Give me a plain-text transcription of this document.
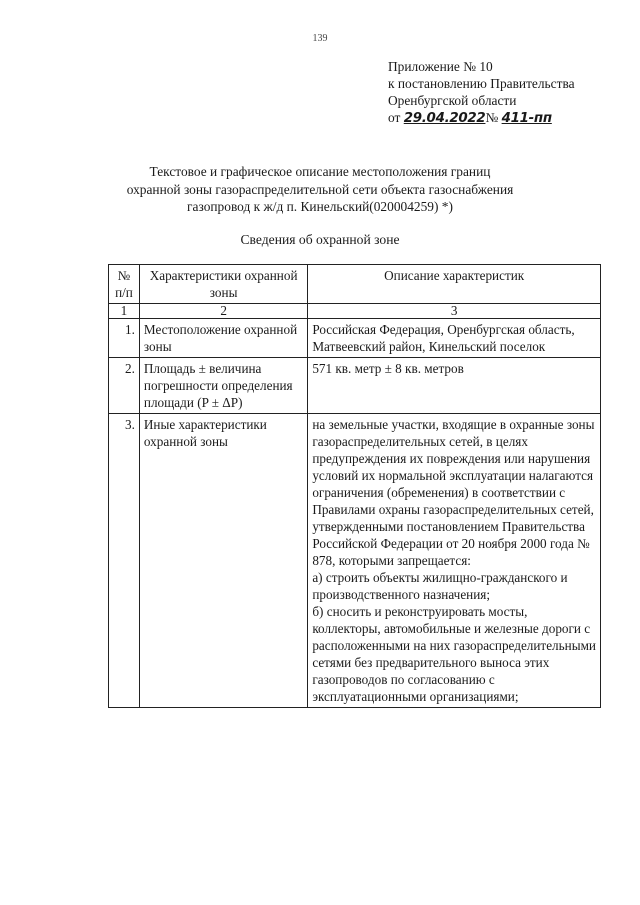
139
Приложение № 10
к постановлению Правительства
Оренбургской области
от 29.04.2022№ 411-пп
Текстовое и графическое описание местоположения границ
охранной зоны газораспределительной сети объекта газоснабжения
газопровод к ж/д п. Кинельский(020004259) *)
Сведения об охранной зоне
№ п/п	Характеристики охранной зоны	Описание характеристик
1	2	3
1.	Местоположение охранной зоны	Российская Федерация, Оренбургская область, Матвеевский район, Кинельский поселок
2.	Площадь ± величина погрешности определения площади (P ± ΔP)	571 кв. метр ± 8 кв. метров
3.	Иные характеристики охранной зоны	на земельные участки, входящие в охранные зоны газораспределительных сетей, в целях предупреждения их повреждения или нарушения условий их нормальной эксплуатации налагаются ограничения (обременения) в соответствии с Правилами охраны газораспределительных сетей, утвержденными постановлением Правительства Российской Федерации от 20 ноября 2000 года № 878, которыми запрещается:
а) строить объекты жилищно-гражданского и производственного назначения;
б) сносить и реконструировать мосты, коллекторы, автомобильные и железные дороги с расположенными на них газораспределительными сетями без предварительного выноса этих газопроводов по согласованию с эксплуатационными организациями;
